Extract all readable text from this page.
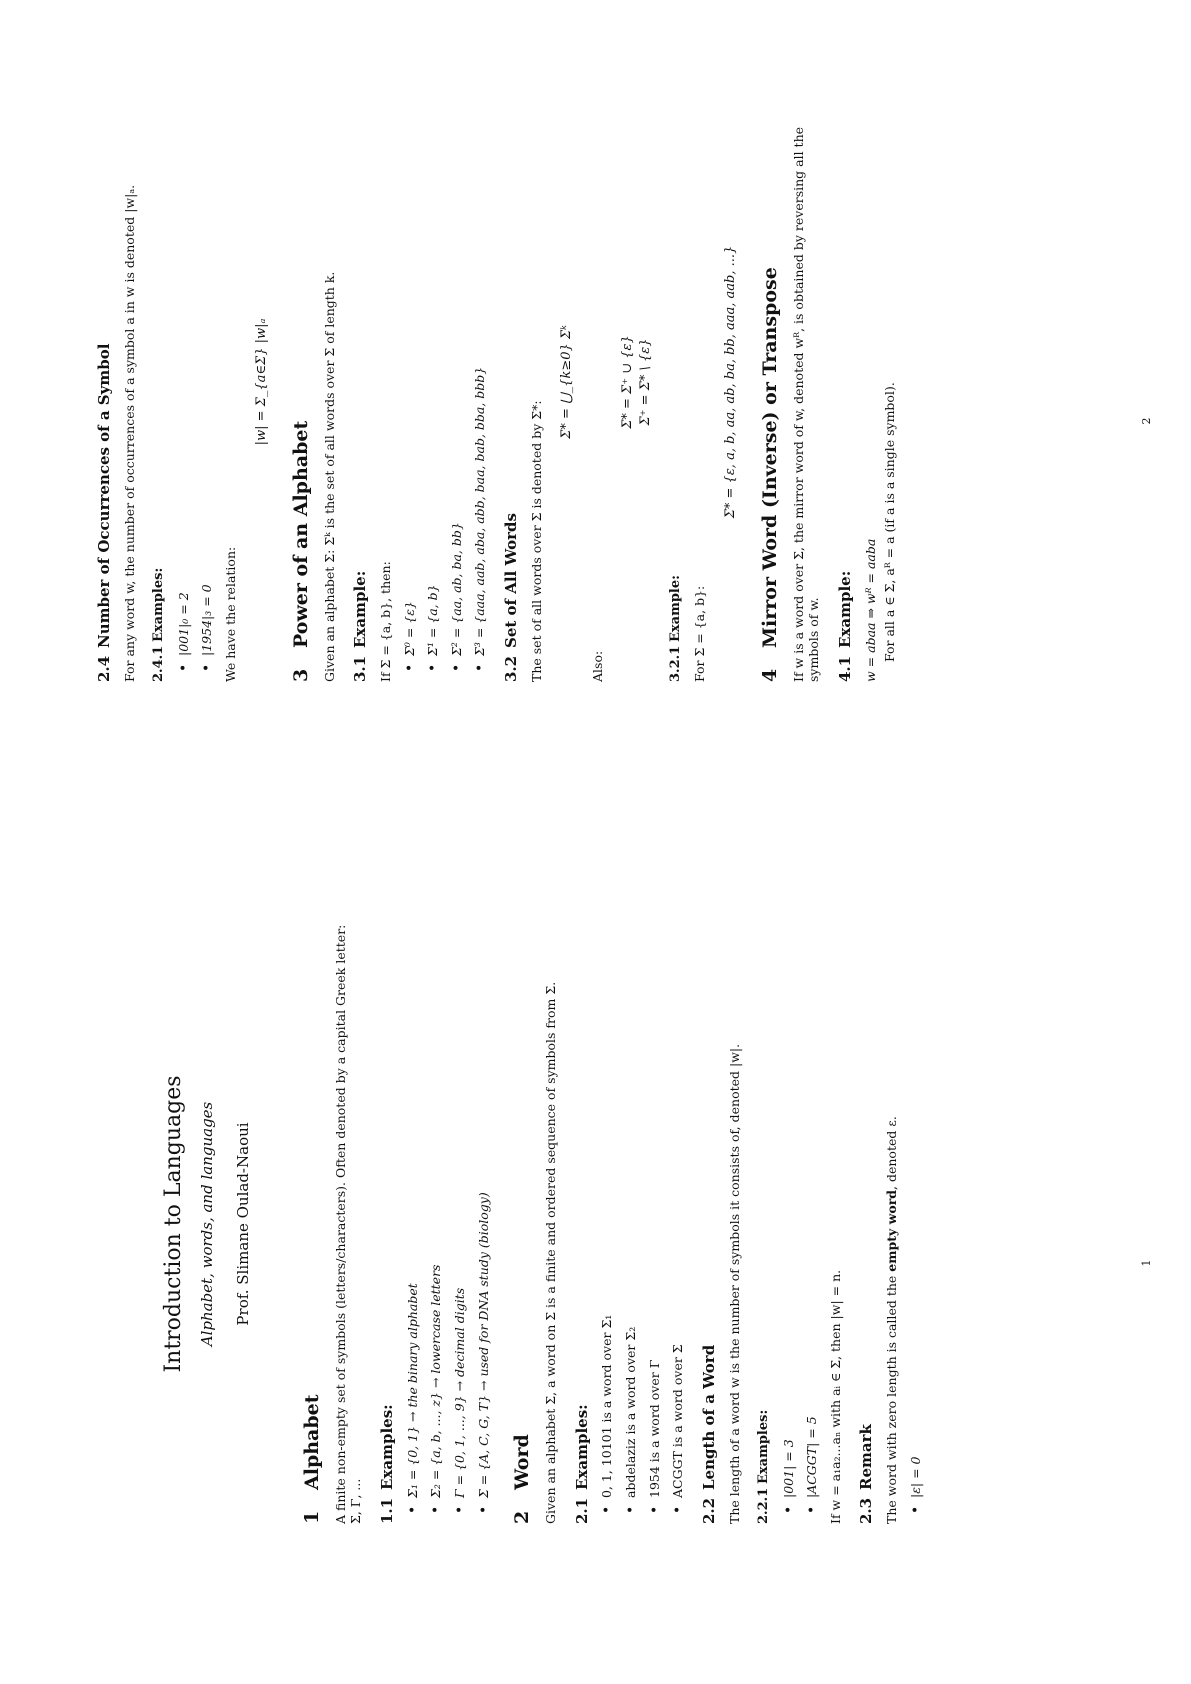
Introduction to Languages Alphabet, words, and languages Prof. Slimane Oulad-Naoui
1Alphabet A finite non-empty set of symbols (letters/characters). Often denoted by a capital Greek letter: Σ, Γ, ... 1.1Examples: • Σ₁ = {0, 1} → the binary alphabet • Σ₂ = {a, b, ..., z} → lowercase letters • Γ = {0, 1, ..., 9} → decimal digits • Σ = {A, C, G, T} → used for DNA study (biology)
2Word Given an alphabet Σ, a word on Σ is a finite and ordered sequence of symbols from Σ. 2.1Examples: • 0, 1, 10101 is a word over Σ₁ • abdelaziz is a word over Σ₂ • 1954 is a word over Γ • ACGGT is a word over Σ
2.2Length of a Word The length of a word w is the number of symbols it consists of, denoted |w|. 2.2.1Examples: • |001| = 3 • |ACGGT| = 5 If w = a₁a₂...aₙ with aᵢ ∈ Σ, then |w| = n. 2.3Remark The word with zero length is called the empty word, denoted ε.

• |ε| = 0
1
2.4Number of Occurrences of a Symbol For any word w, the number of occurrences of a symbol a in w is denoted |w|ₐ. 2.4.1Examples: • |001|₀ = 2 • |1954|₃ = 0 We have the relation:

|w| = Σ_{a∈Σ} |w|ₐ
3Power of an Alphabet Given an alphabet Σ: Σᵏ is the set of all words over Σ of length k. 3.1Example: If Σ = {a, b}, then: • Σ⁰ = {ε} • Σ¹ = {a, b} • Σ² = {aa, ab, ba, bb} • Σ³ = {aaa, aab, aba, abb, baa, bab, bba, bbb}
3.2Set of All Words The set of all words over Σ is denoted by Σ*:

Σ* = ⋃_{k≥0} Σᵏ

Also:

Σ* = Σ⁺ ∪ {ε} Σ⁺ = Σ* \ {ε}
3.2.1Example: For Σ = {a, b}:

Σ* = {ε, a, b, aa, ab, ba, bb, aaa, aab, ...}
4Mirror Word (Inverse) or Transpose If w is a word over Σ, the mirror word of w, denoted wᴿ, is obtained by reversing all the symbols of w. 4.1Example: w = abaa ⇒ wᴿ = aaba For all a ∈ Σ, aᴿ = a (if a is a single symbol).	2
